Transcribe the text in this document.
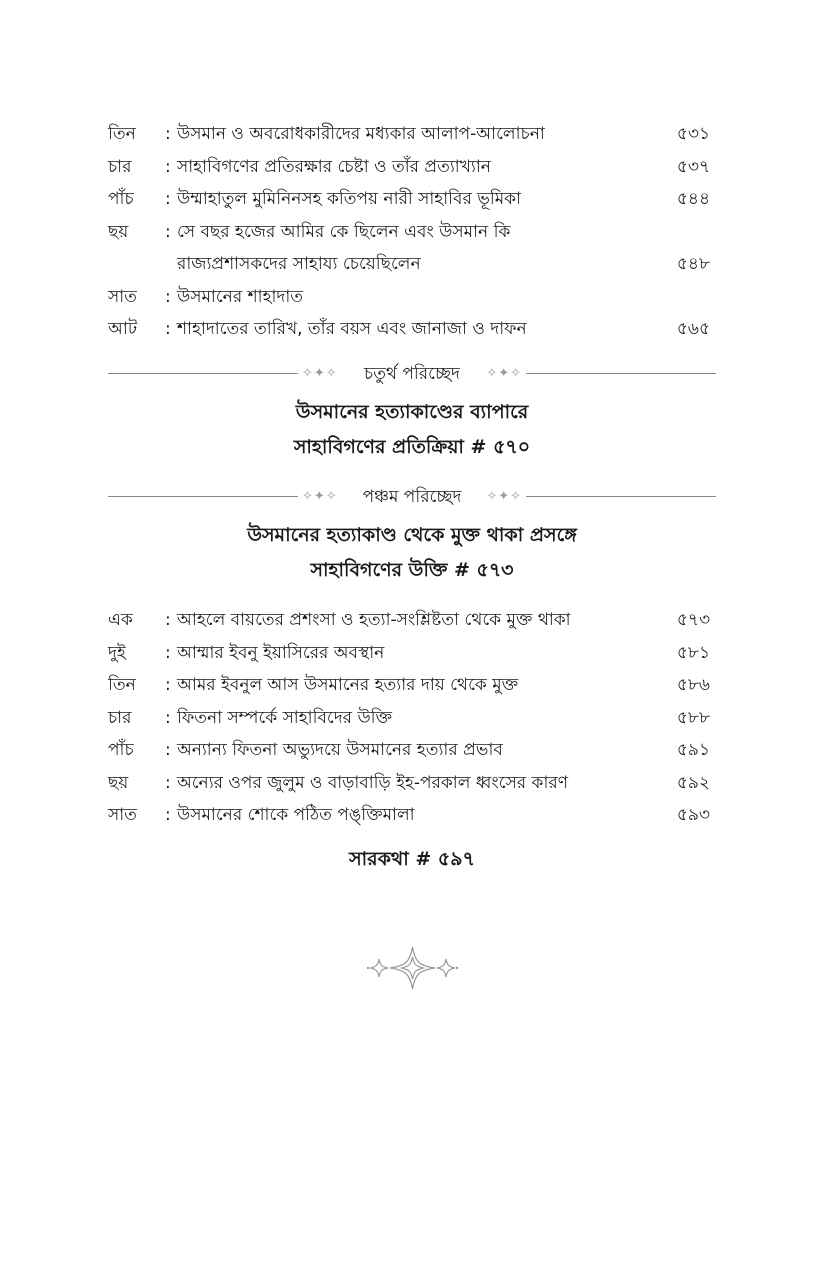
তিন	: উসমান ও অবরোধকারীদের মধ্যকার আলাপ-আলোচনা	৫৩১
চার	: সাহাবিগণের প্রতিরক্ষার চেষ্টা ও তাঁর প্রত্যাখ্যান	৫৩৭
পাঁচ	: উম্মাহাতুল মুমিনিনসহ কতিপয় নারী সাহাবির ভূমিকা	৫৪৪
ছয়	: সে বছর হজের আমির কে ছিলেন এবং উসমান কি
রাজ্যপ্রশাসকদের সাহায্য চেয়েছিলেন	৫৪৮
সাত	: উসমানের শাহাদাত
আট	: শাহাদাতের তারিখ, তাঁর বয়স এবং জানাজা ও দাফন	৫৬৫
✧✦✧	চতুর্থ পরিচ্ছেদ	✧✦✧
উসমানের হত্যাকাণ্ডের ব্যাপারে
সাহাবিগণের প্রতিক্রিয়া # ৫৭০
✧✦✧	পঞ্চম পরিচ্ছেদ	✧✦✧
উসমানের হত্যাকাণ্ড থেকে মুক্ত থাকা প্রসঙ্গে
সাহাবিগণের উক্তি # ৫৭৩
এক	: আহলে বায়তের প্রশংসা ও হত্যা-সংশ্লিষ্টতা থেকে মুক্ত থাকা	৫৭৩
দুই	: আম্মার ইবনু ইয়াসিরের অবস্থান	৫৮১
তিন	: আমর ইবনুল আস উসমানের হত্যার দায় থেকে মুক্ত	৫৮৬
চার	: ফিতনা সম্পর্কে সাহাবিদের উক্তি	৫৮৮
পাঁচ	: অন্যান্য ফিতনা অভ্যুদয়ে উসমানের হত্যার প্রভাব	৫৯১
ছয়	: অন্যের ওপর জুলুম ও বাড়াবাড়ি ইহ-পরকাল ধ্বংসের কারণ	৫৯২
সাত	: উসমানের শোকে পঠিত পঙ্‌ক্তিমালা	৫৯৩
সারকথা # ৫৯৭
